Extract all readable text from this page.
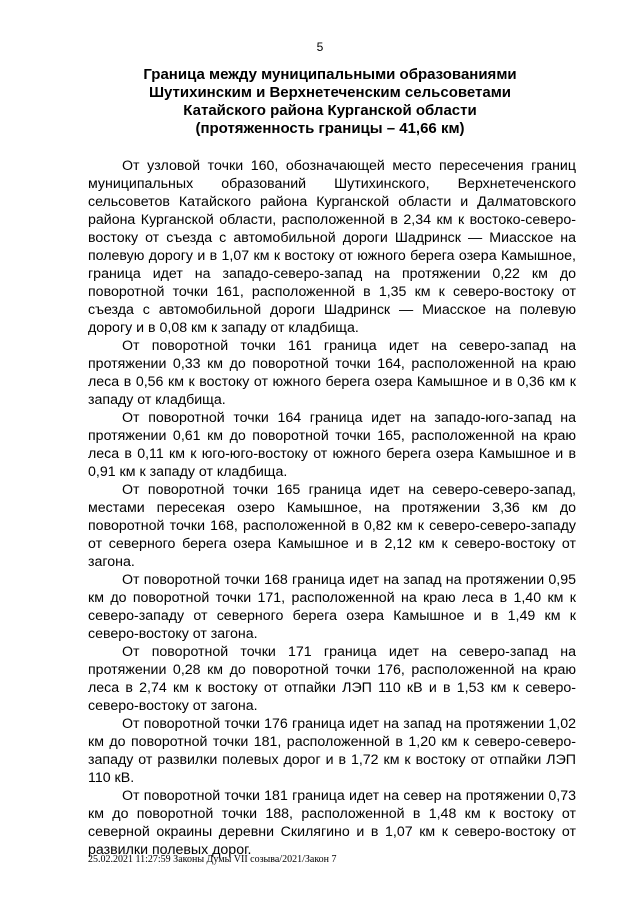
5
Граница между муниципальными образованиями
Шутихинским и Верхнетеченским сельсоветами
Катайского района Курганской области
(протяженность границы – 41,66 км)

От узловой точки 160, обозначающей место пересечения границ муниципальных образований Шутихинского, Верхнетеченского сельсоветов Катайского района Курганской области и Далматовского района Курганской области, расположенной в 2,34 км к востоко-северо-востоку от съезда с автомобильной дороги Шадринск — Миасское на полевую дорогу и в 1,07 км к востоку от южного берега озера Камышное, граница идет на западо-северо-запад на протяжении 0,22 км до поворотной точки 161, расположенной в 1,35 км к северо-востоку от съезда с автомобильной дороги Шадринск — Миасское на полевую дорогу и в 0,08 км к западу от кладбища.

От поворотной точки 161 граница идет на северо-запад на протяжении 0,33 км до поворотной точки 164, расположенной на краю леса в 0,56 км к востоку от южного берега озера Камышное и в 0,36 км к западу от кладбища.

От поворотной точки 164 граница идет на западо-юго-запад на протяжении 0,61 км до поворотной точки 165, расположенной на краю леса в 0,11 км к юго-юго-востоку от южного берега озера Камышное и в 0,91 км к западу от кладбища.

От поворотной точки 165 граница идет на северо-северо-запад, местами пересекая озеро Камышное, на протяжении 3,36 км до поворотной точки 168, расположенной в 0,82 км к северо-северо-западу от северного берега озера Камышное и в 2,12 км к северо-востоку от загона.

От поворотной точки 168 граница идет на запад на протяжении 0,95 км до поворотной точки 171, расположенной на краю леса в 1,40 км к северо-западу от северного берега озера Камышное и в 1,49 км к северо-востоку от загона.

От поворотной точки 171 граница идет на северо-запад на протяжении 0,28 км до поворотной точки 176, расположенной на краю леса в 2,74 км к востоку от отпайки ЛЭП 110 кВ и в 1,53 км к северо-северо-востоку от загона.

От поворотной точки 176 граница идет на запад на протяжении 1,02 км до поворотной точки 181, расположенной в 1,20 км к северо-северо-западу от развилки полевых дорог и в 1,72 км к востоку от отпайки ЛЭП 110 кВ.

От поворотной точки 181 граница идет на север на протяжении 0,73 км до поворотной точки 188, расположенной в 1,48 км к востоку от северной окраины деревни Скилягино и в 1,07 км к северо-востоку от развилки полевых дорог.

25.02.2021 11:27:59 Законы Думы VII созыва/2021/Закон 7
